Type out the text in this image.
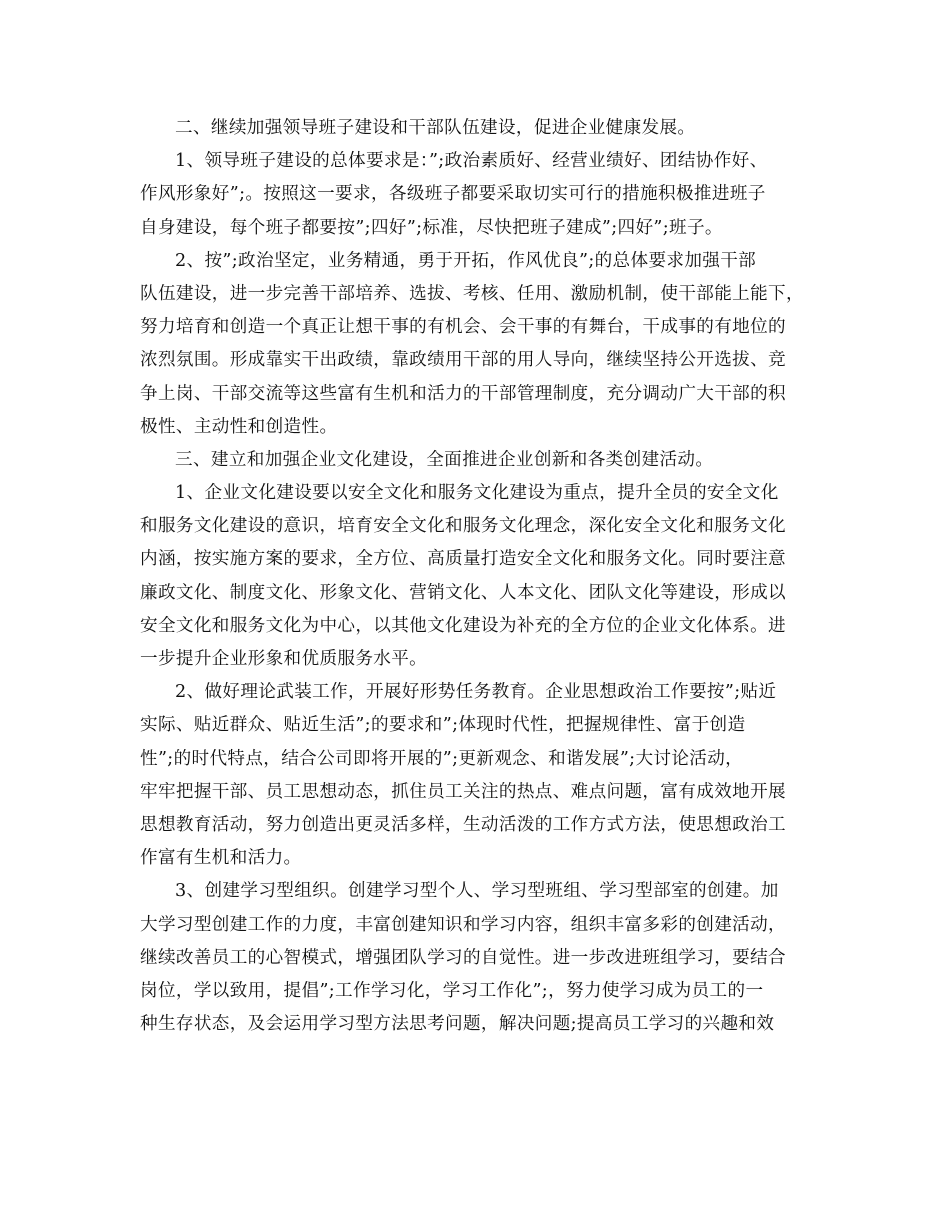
二、继续加强领导班子建设和干部队伍建设，促进企业健康发展。
1、领导班子建设的总体要求是：”;政治素质好、经营业绩好、团结协作好、
作风形象好”;。按照这一要求，各级班子都要采取切实可行的措施积极推进班子
自身建设，每个班子都要按”;四好”;标准，尽快把班子建成”;四好”;班子。
2、按”;政治坚定，业务精通，勇于开拓，作风优良”;的总体要求加强干部
队伍建设，进一步完善干部培养、选拔、考核、任用、激励机制，使干部能上能下，
努力培育和创造一个真正让想干事的有机会、会干事的有舞台，干成事的有地位的
浓烈氛围。形成靠实干出政绩，靠政绩用干部的用人导向，继续坚持公开选拔、竞
争上岗、干部交流等这些富有生机和活力的干部管理制度，充分调动广大干部的积
极性、主动性和创造性。
三、建立和加强企业文化建设，全面推进企业创新和各类创建活动。
1、企业文化建设要以安全文化和服务文化建设为重点，提升全员的安全文化
和服务文化建设的意识，培育安全文化和服务文化理念，深化安全文化和服务文化
内涵，按实施方案的要求，全方位、高质量打造安全文化和服务文化。同时要注意
廉政文化、制度文化、形象文化、营销文化、人本文化、团队文化等建设，形成以
安全文化和服务文化为中心，以其他文化建设为补充的全方位的企业文化体系。进
一步提升企业形象和优质服务水平。
2、做好理论武装工作，开展好形势任务教育。企业思想政治工作要按”;贴近
实际、贴近群众、贴近生活”;的要求和”;体现时代性，把握规律性、富于创造
性”;的时代特点，结合公司即将开展的”;更新观念、和谐发展”;大讨论活动，
牢牢把握干部、员工思想动态，抓住员工关注的热点、难点问题，富有成效地开展
思想教育活动，努力创造出更灵活多样，生动活泼的工作方式方法，使思想政治工
作富有生机和活力。
3、创建学习型组织。创建学习型个人、学习型班组、学习型部室的创建。加
大学习型创建工作的力度，丰富创建知识和学习内容，组织丰富多彩的创建活动，
继续改善员工的心智模式，增强团队学习的自觉性。进一步改进班组学习，要结合
岗位，学以致用，提倡”;工作学习化，学习工作化”;，努力使学习成为员工的一
种生存状态，及会运用学习型方法思考问题，解决问题;提高员工学习的兴趣和效
